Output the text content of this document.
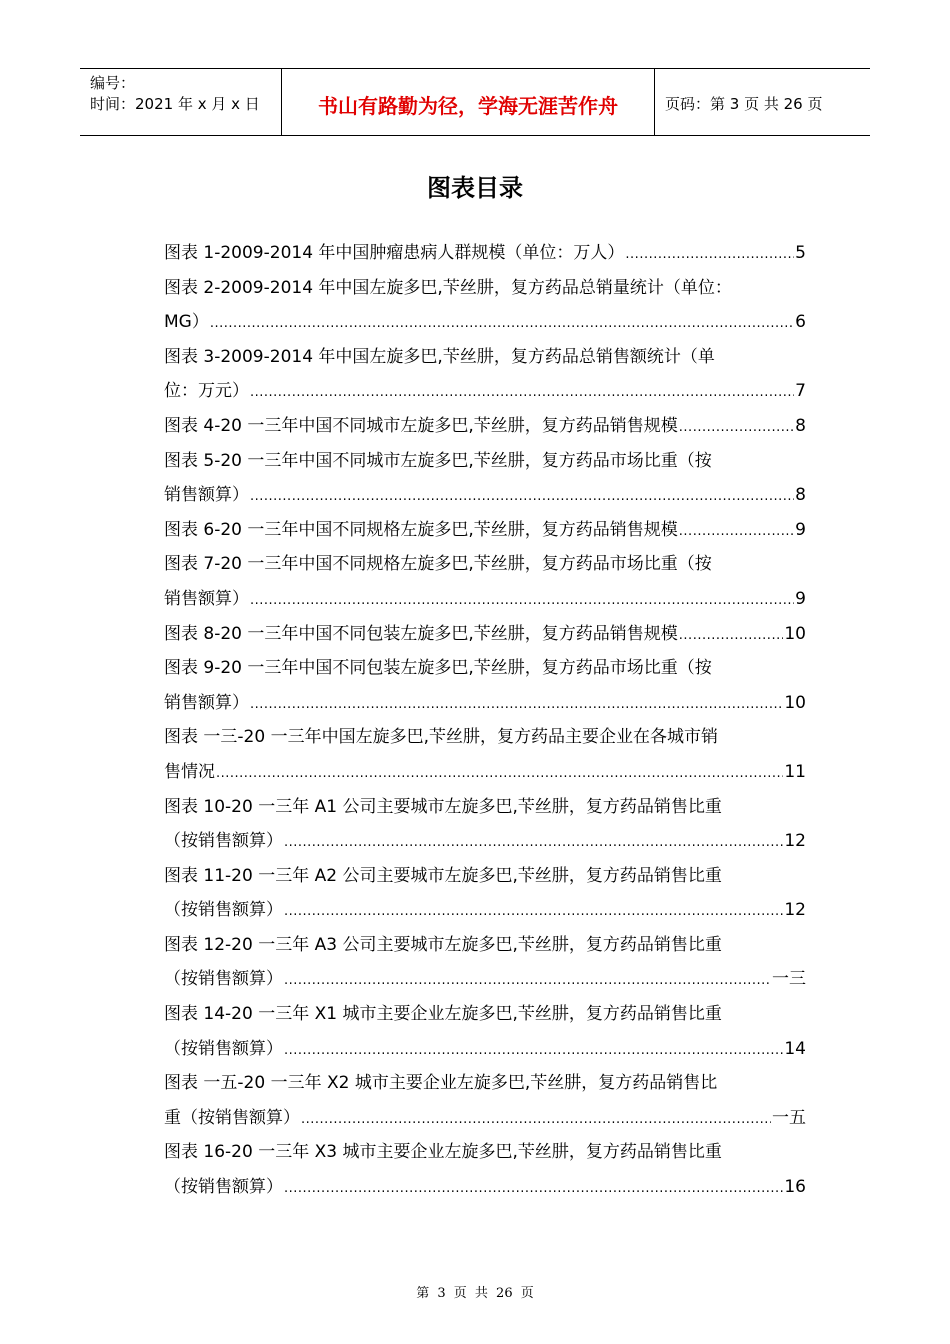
编号：
时间：2021 年 x 月 x 日	书山有路勤为径，学海无涯苦作舟	页码：第 3 页 共 26 页
图表目录
图表 1-2009-2014 年中国肿瘤患病人群规模（单位：万人） .....	5
图表 2-2009-2014 年中国左旋多巴,苄丝肼，复方药品总销量统计（单位：
MG） .....	6
图表 3-2009-2014 年中国左旋多巴,苄丝肼，复方药品总销售额统计（单
位：万元） .....	7
图表 4-20 一三年中国不同城市左旋多巴,苄丝肼，复方药品销售规模 .....	8
图表 5-20 一三年中国不同城市左旋多巴,苄丝肼，复方药品市场比重（按
销售额算） .....	8
图表 6-20 一三年中国不同规格左旋多巴,苄丝肼，复方药品销售规模 .....	9
图表 7-20 一三年中国不同规格左旋多巴,苄丝肼，复方药品市场比重（按
销售额算） .....	9
图表 8-20 一三年中国不同包装左旋多巴,苄丝肼，复方药品销售规模 .....	10
图表 9-20 一三年中国不同包装左旋多巴,苄丝肼，复方药品市场比重（按
销售额算） .....	10
图表 一三-20 一三年中国左旋多巴,苄丝肼，复方药品主要企业在各城市销
售情况 .....	11
图表 10-20 一三年 A1 公司主要城市左旋多巴,苄丝肼，复方药品销售比重
（按销售额算） .....	12
图表 11-20 一三年 A2 公司主要城市左旋多巴,苄丝肼，复方药品销售比重
（按销售额算） .....	12
图表 12-20 一三年 A3 公司主要城市左旋多巴,苄丝肼，复方药品销售比重
（按销售额算） .....	一三
图表 14-20 一三年 X1 城市主要企业左旋多巴,苄丝肼，复方药品销售比重
（按销售额算） .....	14
图表 一五-20 一三年 X2 城市主要企业左旋多巴,苄丝肼，复方药品销售比
重（按销售额算） .....	一五
图表 16-20 一三年 X3 城市主要企业左旋多巴,苄丝肼，复方药品销售比重
（按销售额算） .....	16
第 3 页 共 26 页
